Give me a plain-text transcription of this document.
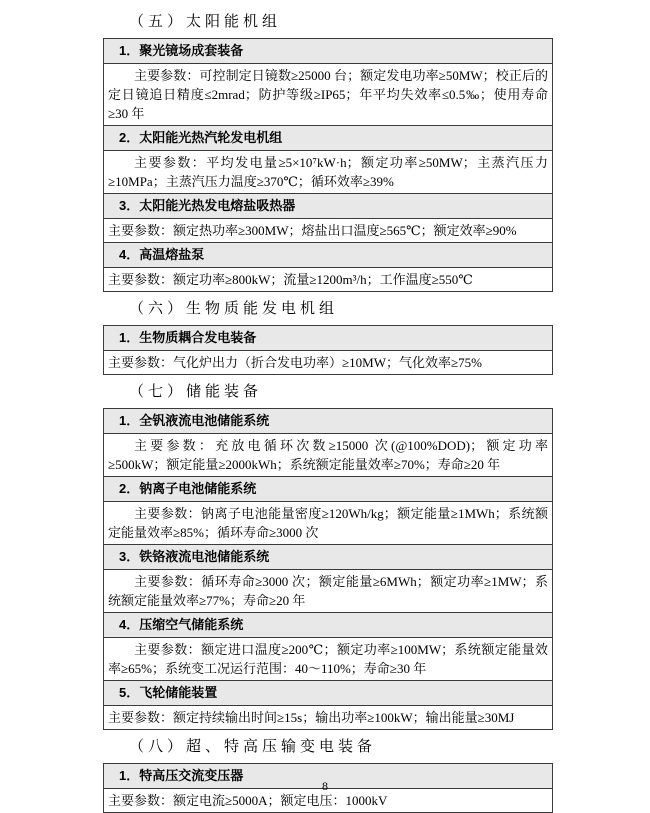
（五）太阳能机组
1．聚光镜场成套装备
主要参数：可控制定日镜数≥25000 台；额定发电功率≥50MW；校正后的定日镜追日精度≤2mrad；防护等级≥IP65；年平均失效率≤0.5‰；使用寿命≥30 年
2．太阳能光热汽轮发电机组
主要参数：平均发电量≥5×10⁷kW·h；额定功率≥50MW；主蒸汽压力≥10MPa；主蒸汽压力温度≥370℃；循环效率≥39%
3．太阳能光热发电熔盐吸热器
主要参数：额定热功率≥300MW；熔盐出口温度≥565℃；额定效率≥90%
4．高温熔盐泵
主要参数：额定功率≥800kW；流量≥1200m³/h；工作温度≥550℃
（六）生物质能发电机组
1．生物质耦合发电装备
主要参数：气化炉出力（折合发电功率）≥10MW；气化效率≥75%
（七）储能装备
1．全钒液流电池储能系统
主要参数：充放电循环次数≥15000 次(@100%DOD)；额定功率≥500kW；额定能量≥2000kWh；系统额定能量效率≥70%；寿命≥20 年
2．钠离子电池储能系统
主要参数：钠离子电池能量密度≥120Wh/kg；额定能量≥1MWh；系统额定能量效率≥85%；循环寿命≥3000 次
3．铁铬液流电池储能系统
主要参数：循环寿命≥3000 次；额定能量≥6MWh；额定功率≥1MW；系统额定能量效率≥77%；寿命≥20 年
4．压缩空气储能系统
主要参数：额定进口温度≥200℃；额定功率≥100MW；系统额定能量效率≥65%；系统变工况运行范围：40～110%；寿命≥30 年
5．飞轮储能装置
主要参数：额定持续输出时间≥15s；输出功率≥100kW；输出能量≥30MJ
（八）超、特高压输变电装备
1．特高压交流变压器
主要参数：额定电流≥5000A；额定电压：1000kV
8
